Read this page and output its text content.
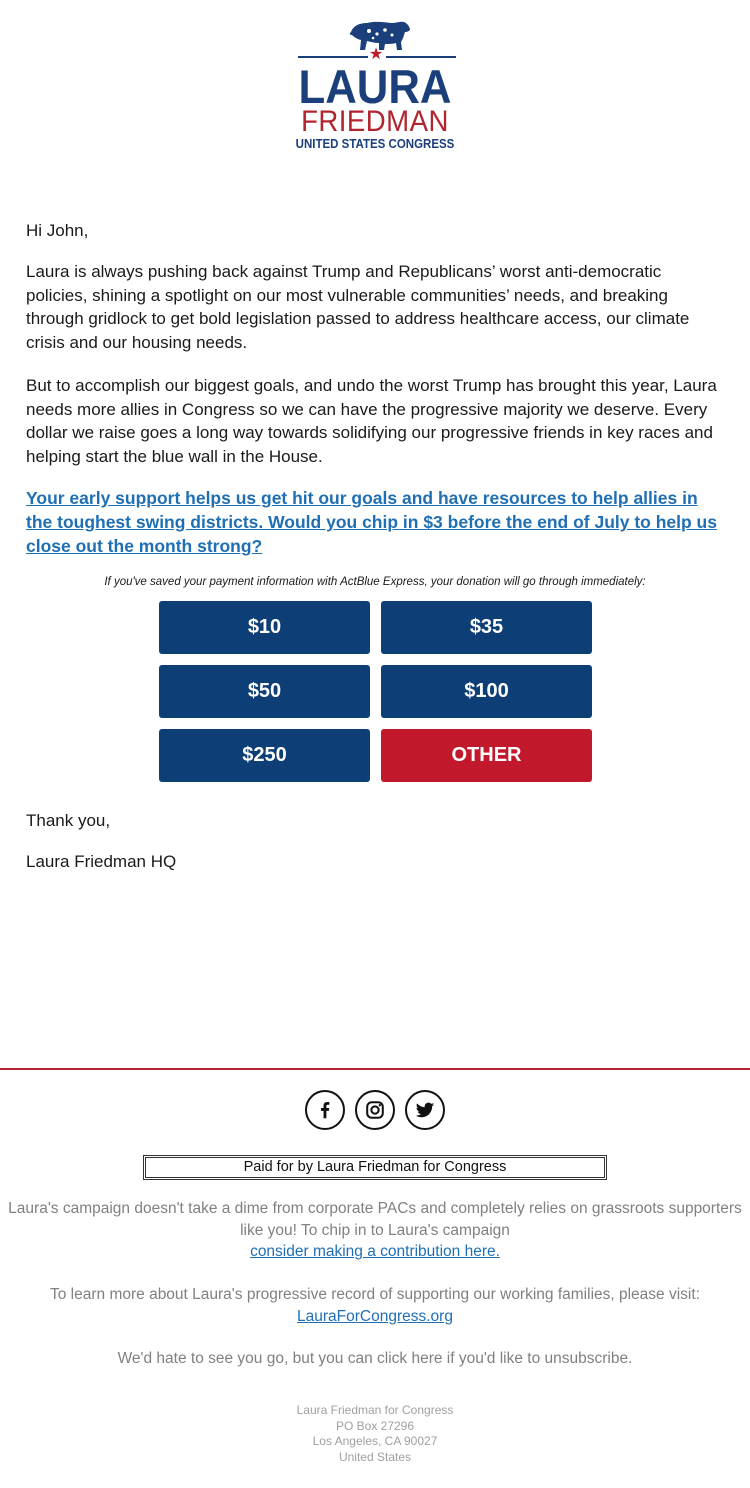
★
LAURA
FRIEDMAN
UNITED STATES CONGRESS
Hi John,
Laura is always pushing back against Trump and Republicans’ worst anti-democratic policies, shining a spotlight on our most vulnerable communities’ needs, and breaking through gridlock to get bold legislation passed to address healthcare access, our climate crisis and our housing needs.
But to accomplish our biggest goals, and undo the worst Trump has brought this year, Laura needs more allies in Congress so we can have the progressive majority we deserve. Every dollar we raise goes a long way towards solidifying our progressive friends in key races and helping start the blue wall in the House.
Your early support helps us get hit our goals and have resources to help allies in the toughest swing districts. Would you chip in $3 before the end of July to help us close out the month strong?
If you've saved your payment information with ActBlue Express, your donation will go through immediately:
$10	$35
$50	$100
$250	OTHER
Thank you,
Laura Friedman HQ
Paid for by Laura Friedman for Congress
Laura's campaign doesn't take a dime from corporate PACs and completely relies on grassroots supporters like you! To chip in to Laura's campaign
consider making a contribution here.
To learn more about Laura's progressive record of supporting our working families, please visit: LauraForCongress.org
We'd hate to see you go, but you can click here if you'd like to unsubscribe.
Laura Friedman for Congress
PO Box 27296
Los Angeles, CA 90027
United States
